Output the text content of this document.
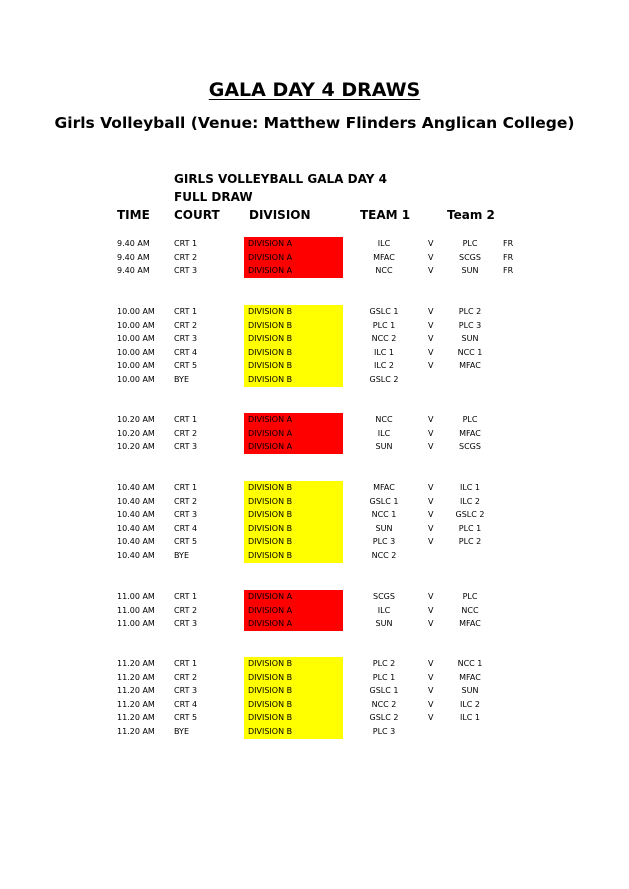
GALA DAY 4 DRAWS
Girls Volleyball (Venue: Matthew Flinders Anglican College)
GIRLS VOLLEYBALL GALA DAY 4 FULL DRAW
TIME COURT DIVISION	TEAM 1	Team 2
9.40 AM	CRT 1	DIVISION A	ILC	V	PLC	FR
9.40 AM	CRT 2	DIVISION A	MFAC	V	SCGS	FR
9.40 AM	CRT 3	DIVISION A	NCC	V	SUN	FR
10.00 AM CRT 1	DIVISION B	GSLC 1	V	PLC 2
10.00 AM CRT 2	DIVISION B	PLC 1	V	PLC 3
10.00 AM CRT 3	DIVISION B	NCC 2	V	SUN
10.00 AM CRT 4	DIVISION B	ILC 1	V	NCC 1
10.00 AM CRT 5	DIVISION B	ILC 2	V	MFAC
10.00 AM BYE	DIVISION B	GSLC 2
10.20 AM CRT 1	DIVISION A	NCC	V	PLC
10.20 AM CRT 2	DIVISION A	ILC	V	MFAC
10.20 AM CRT 3	DIVISION A	SUN	V	SCGS
10.40 AM CRT 1	DIVISION B	MFAC	V	ILC 1
10.40 AM CRT 2	DIVISION B	GSLC 1	V	ILC 2
10.40 AM CRT 3	DIVISION B	NCC 1	V	GSLC 2
10.40 AM CRT 4	DIVISION B	SUN	V	PLC 1
10.40 AM CRT 5	DIVISION B	PLC 3	V	PLC 2
10.40 AM BYE	DIVISION B	NCC 2
11.00 AM CRT 1	DIVISION A	SCGS	V	PLC
11.00 AM CRT 2	DIVISION A	ILC	V	NCC
11.00 AM CRT 3	DIVISION A	SUN	V	MFAC
11.20 AM CRT 1	DIVISION B	PLC 2	V	NCC 1
11.20 AM CRT 2	DIVISION B	PLC 1	V	MFAC
11.20 AM CRT 3	DIVISION B	GSLC 1	V	SUN
11.20 AM CRT 4	DIVISION B	NCC 2	V	ILC 2
11.20 AM CRT 5	DIVISION B	GSLC 2	V	ILC 1
11.20 AM BYE	DIVISION B	PLC 3
